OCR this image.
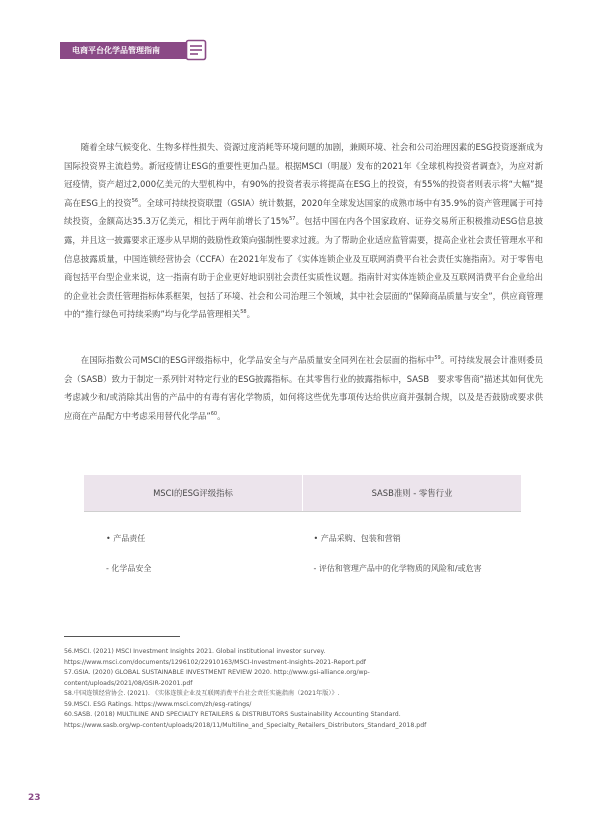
电商平台化学品管理指南

随着全球气候变化、生物多样性损失、资源过度消耗等环境问题的加剧，兼顾环境、社会和公司治理因素的ESG投资逐渐成为国际投资界主流趋势。新冠疫情让ESG的重要性更加凸显。根据MSCI（明晟）发布的2021年《全球机构投资者调查》，为应对新冠疫情，资产超过2,000亿美元的大型机构中，有90%的投资者表示将提高在ESG上的投资，有55%的投资者则表示将“大幅”提高在ESG上的投资$^{56}$。全球可持续投资联盟（GSIA）统计数据，2020年全球发达国家的成熟市场中有35.9%的资产管理属于可持续投资，金额高达35.3万亿美元，相比于两年前增长了15%$^{57}$。包括中国在内各个国家政府、证券交易所正积极推动ESG信息披露，并且这一披露要求正逐步从早期的鼓励性政策向强制性要求过渡。为了帮助企业适应监管需要，提高企业社会责任管理水平和信息披露质量，中国连锁经营协会（CCFA）在2021年发布了《实体连锁企业及互联网消费平台社会责任实施指南》。对于零售电商包括平台型企业来说，这一指南有助于企业更好地识别社会责任实质性议题。指南针对实体连锁企业及互联网消费平台企业给出的企业社会责任管理指标体系框架，包括了环境、社会和公司治理三个领域，其中社会层面的“保障商品质量与安全”，供应商管理中的“推行绿色可持续采购”均与化学品管理相关$^{58}$。

在国际指数公司MSCI的ESG评级指标中，化学品安全与产品质量安全同列在社会层面的指标中$^{59}$。可持续发展会计准则委员会（SASB）致力于制定一系列针对特定行业的ESG披露指标。在其零售行业的披露指标中，SASB　要求零售商“描述其如何优先考虑减少和/或消除其出售的产品中的有毒有害化学物质，如何将这些优先事项传达给供应商并强制合规，以及是否鼓励或要求供应商在产品配方中考虑采用替代化学品”$^{60}$。

MSCI的ESG评级指标	SASB准则 - 零售行业
• 产品责任	• 产品采购、包装和营销
- 化学品安全	- 评估和管理产品中的化学物质的风险和/或危害
56.MSCI. (2021) MSCI Investment Insights 2021. Global institutional investor survey.
https://www.msci.com/documents/1296102/22910163/MSCI-Investment-Insights-2021-Report.pdf
57.GSIA. (2020) GLOBAL SUSTAINABLE INVESTMENT REVIEW 2020. http://www.gsi-alliance.org/wp-
content/uploads/2021/08/GSIR-20201.pdf
58.中国连锁经营协会. (2021). 《实体连锁企业及互联网消费平台社会责任实施指南（2021年版）》.
59.MSCI. ESG Ratings. https://www.msci.com/zh/esg-ratings/
60.SASB. (2018) MULTILINE AND SPECIALTY RETAILERS & DISTRIBUTORS Sustainability Accounting Standard.
https://www.sasb.org/wp-content/uploads/2018/11/Multiline_and_Specialty_Retailers_Distributors_Standard_2018.pdf
23
